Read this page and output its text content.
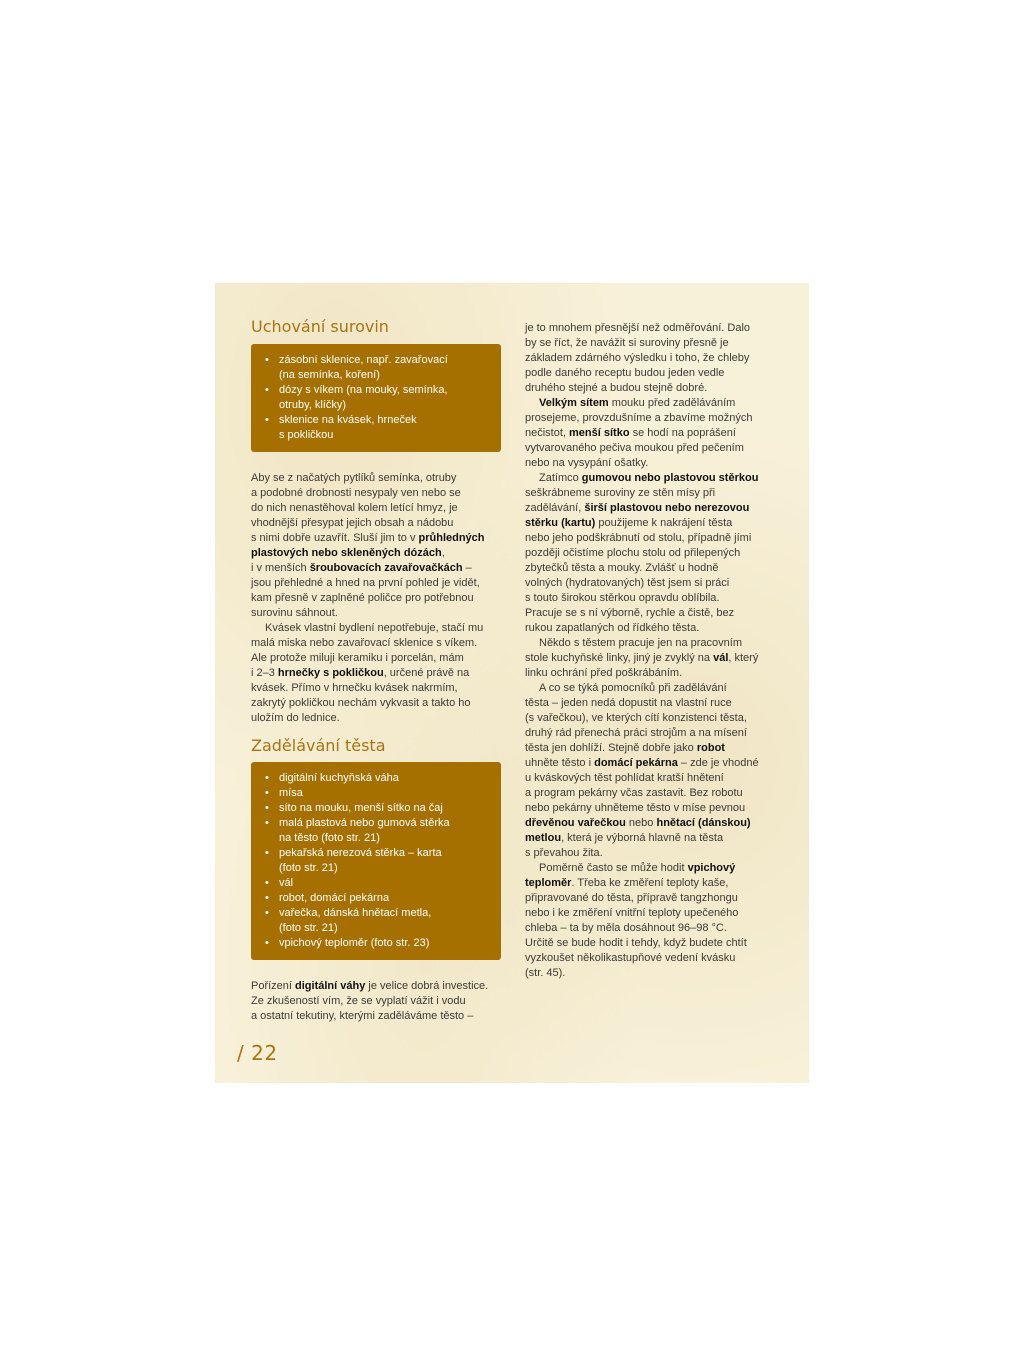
Uchování surovin
• zásobní sklenice, např. zavařovací
(na semínka, koření)
• dózy s víkem (na mouky, semínka,
otruby, klíčky)
• sklenice na kvásek, hrneček
s pokličkou
Aby se z načatých pytlíků semínka, otruby
a podobné drobnosti nesypaly ven nebo se
do nich nenastěhoval kolem letící hmyz, je
vhodnější přesypat jejich obsah a nádobu
s nimi dobře uzavřít. Sluší jim to v průhledných
plastových nebo skleněných dózách,
i v menších šroubovacích zavařovačkách –
jsou přehledné a hned na první pohled je vidět,
kam přesně v zaplněné poličce pro potřebnou
surovinu sáhnout.
Kvásek vlastní bydlení nepotřebuje, stačí mu
malá miska nebo zavařovací sklenice s víkem.
Ale protože miluji keramiku i porcelán, mám
i 2–3 hrnečky s pokličkou, určené právě na
kvásek. Přímo v hrnečku kvásek nakrmím,
zakrytý pokličkou nechám vykvasit a takto ho
uložím do lednice.
Zadělávání těsta
• digitální kuchyňská váha
• mísa
• síto na mouku, menší sítko na čaj
• malá plastová nebo gumová stěrka
na těsto (foto str. 21)
• pekařská nerezová stěrka – karta
(foto str. 21)
• vál
• robot, domácí pekárna
• vařečka, dánská hnětací metla,
(foto str. 21)
• vpichový teploměr (foto str. 23)
Pořízení digitální váhy je velice dobrá investice.
Ze zkušeností vím, že se vyplatí vážit i vodu
a ostatní tekutiny, kterými zaděláváme těsto –
je to mnohem přesnější než odměřování. Dalo
by se říct, že navážit si suroviny přesně je
základem zdárného výsledku i toho, že chleby
podle daného receptu budou jeden vedle
druhého stejné a budou stejně dobré.
Velkým sítem mouku před zaděláváním
prosejeme, provzdušníme a zbavíme možných
nečistot, menší sítko se hodí na poprášení
vytvarovaného pečiva moukou před pečením
nebo na vysypání ošatky.
Zatímco gumovou nebo plastovou stěrkou
seškrábneme suroviny ze stěn mísy při
zadělávání, širší plastovou nebo nerezovou
stěrku (kartu) použijeme k nakrájení těsta
nebo jeho podškrábnutí od stolu, případně jími
později očistíme plochu stolu od přilepených
zbytečků těsta a mouky. Zvlášť u hodně
volných (hydratovaných) těst jsem si práci
s touto širokou stěrkou opravdu oblíbila.
Pracuje se s ní výborně, rychle a čistě, bez
rukou zapatlaných od řídkého těsta.
Někdo s těstem pracuje jen na pracovním
stole kuchyňské linky, jiný je zvyklý na vál, který
linku ochrání před poškrábáním.
A co se týká pomocníků při zadělávání
těsta – jeden nedá dopustit na vlastní ruce
(s vařečkou), ve kterých cítí konzistenci těsta,
druhý rád přenechá práci strojům a na mísení
těsta jen dohlíží. Stejně dobře jako robot
uhněte těsto i domácí pekárna – zde je vhodné
u kváskových těst pohlídat kratší hnětení
a program pekárny včas zastavit. Bez robotu
nebo pekárny uhněteme těsto v míse pevnou
dřevěnou vařečkou nebo hnětací (dánskou)
metlou, která je výborná hlavně na těsta
s převahou žita.
Poměrně často se může hodit vpichový
teploměr. Třeba ke změření teploty kaše,
připravované do těsta, přípravě tangzhongu
nebo i ke změření vnitřní teploty upečeného
chleba – ta by měla dosáhnout 96–98 °C.
Určitě se bude hodit i tehdy, když budete chtít
vyzkoušet několikastupňové vedení kvásku
(str. 45).
/ 22
